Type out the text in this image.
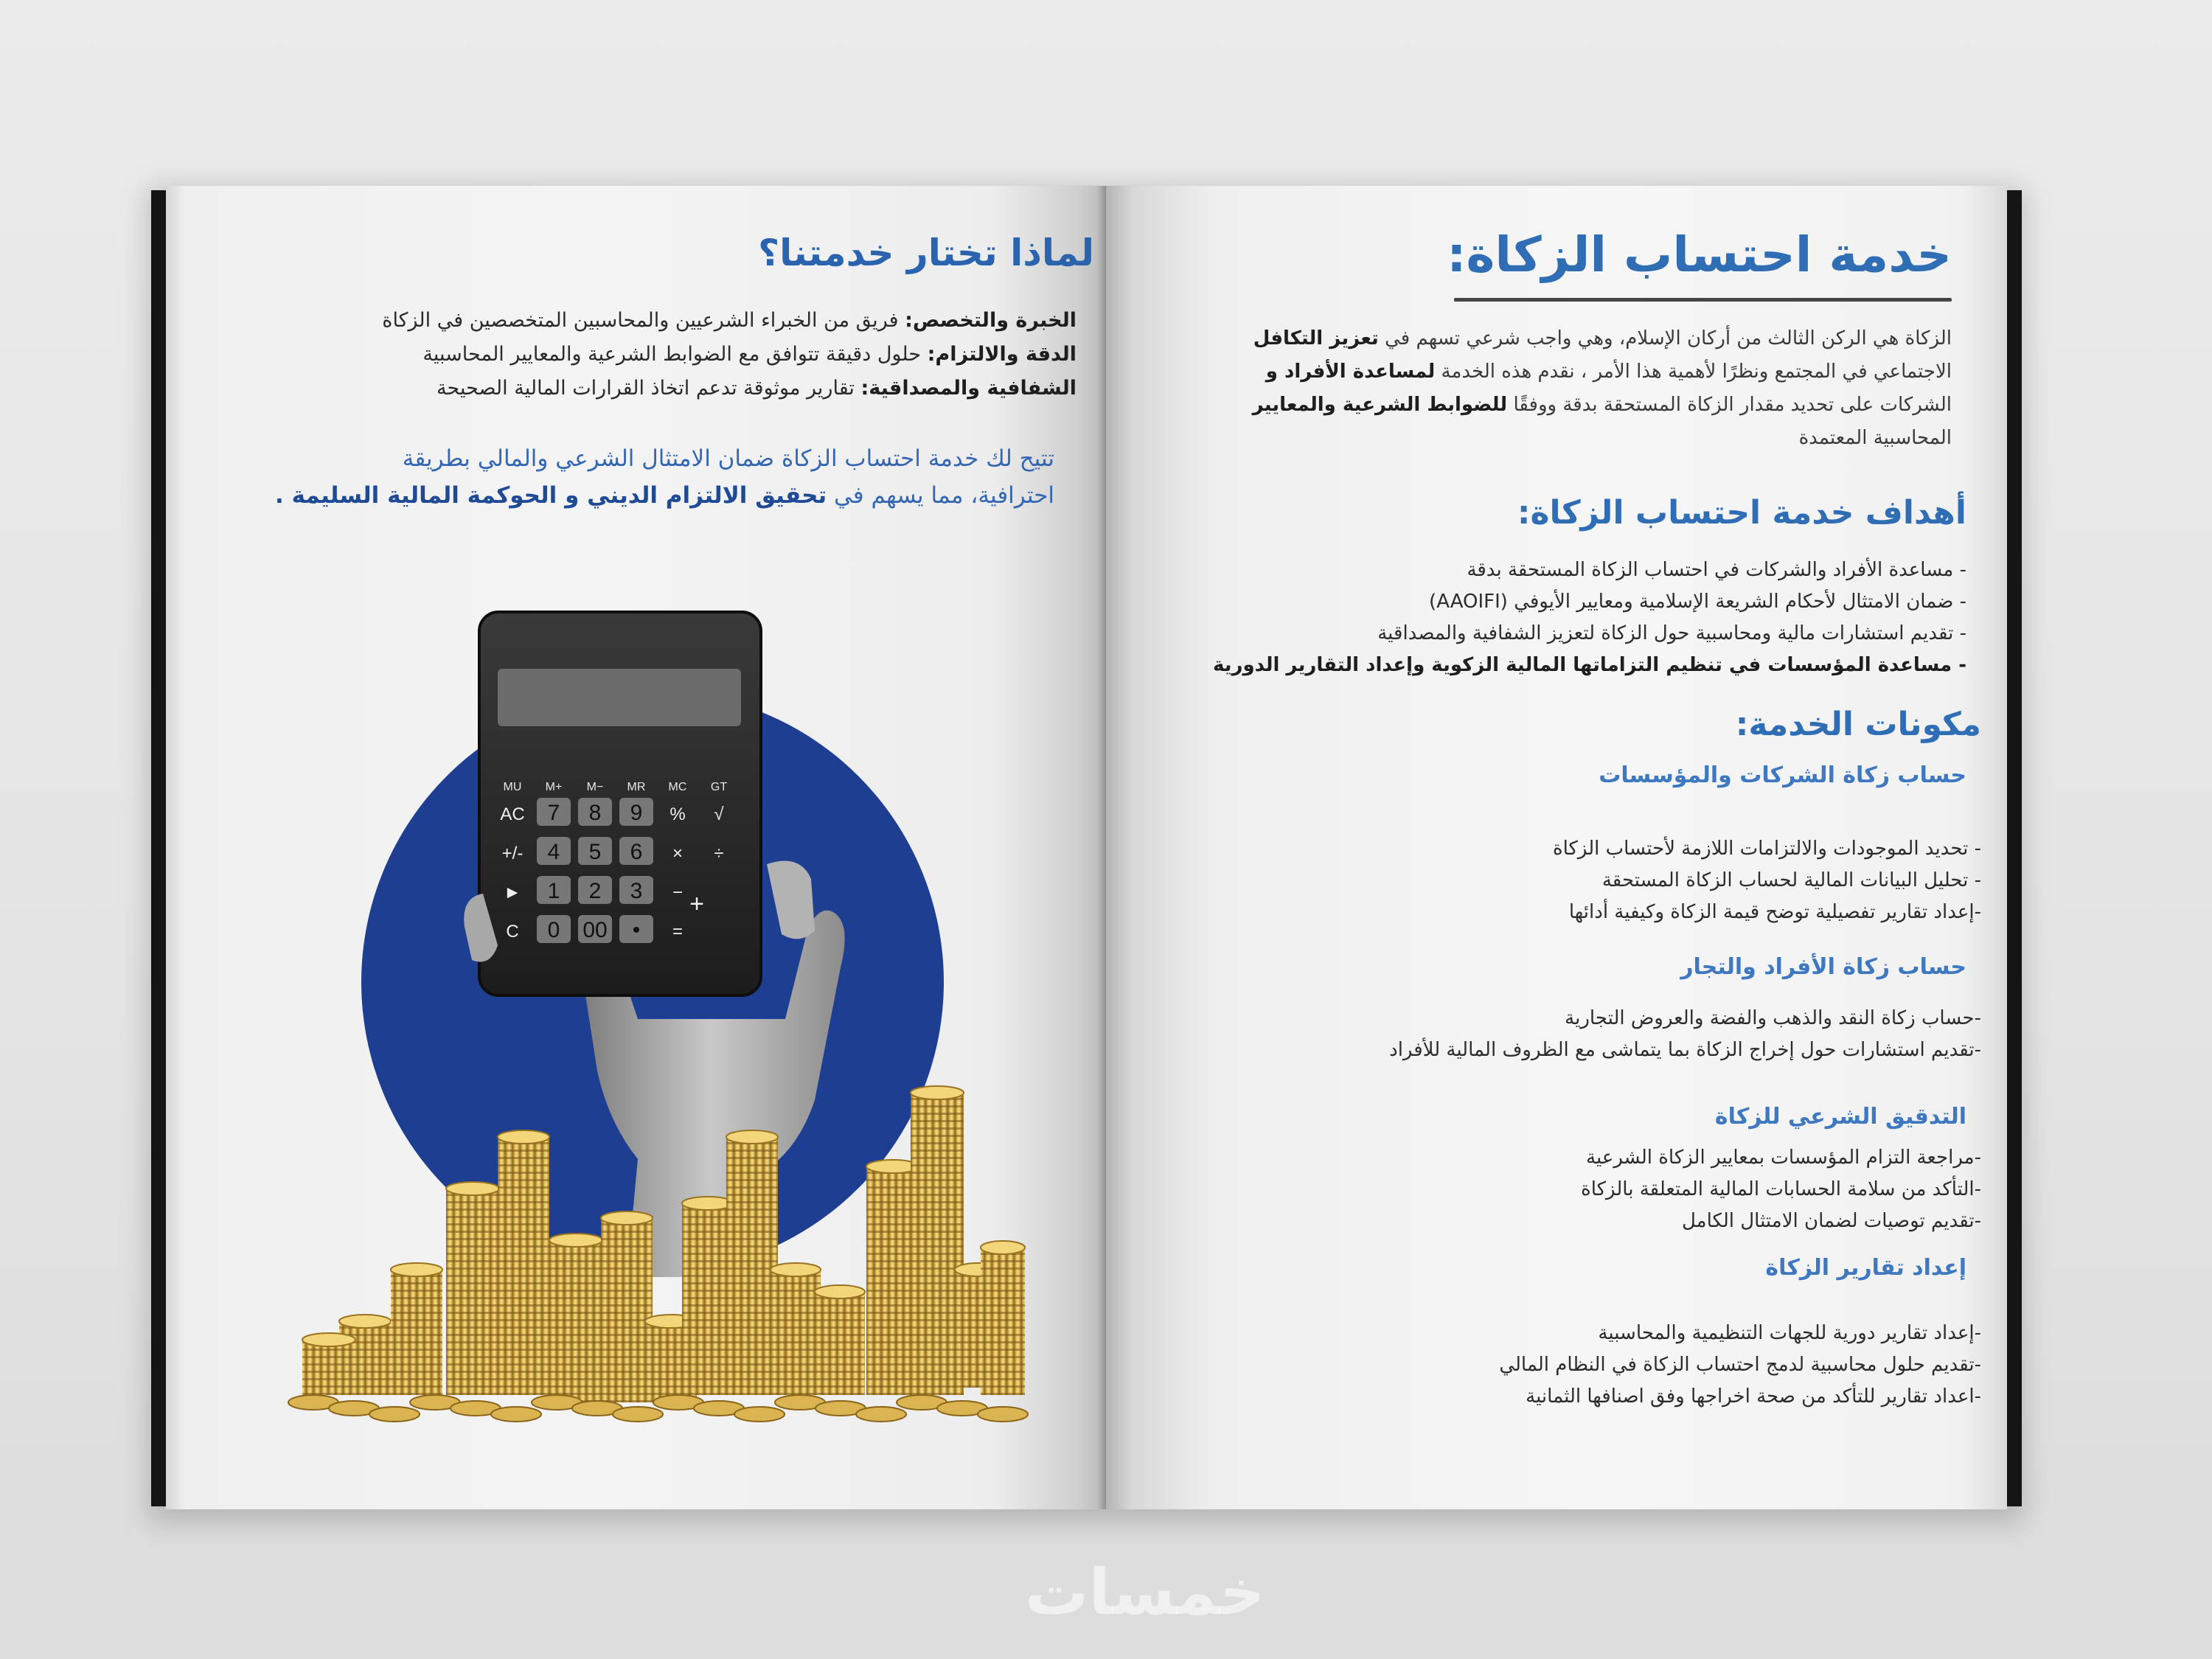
لماذا تختار خدمتنا؟
الخبرة والتخصص: فريق من الخبراء الشرعيين والمحاسبين المتخصصين في الزكاة
الدقة والالتزام: حلول دقيقة تتوافق مع الضوابط الشرعية والمعايير المحاسبية
الشفافية والمصداقية: تقارير موثوقة تدعم اتخاذ القرارات المالية الصحيحة
تتيح لك خدمة احتساب الزكاة ضمان الامتثال الشرعي والمالي بطريقة
احترافية، مما يسهم في تحقيق الالتزام الديني و الحوكمة المالية السليمة .
MU M+ M− MR MC GT
AC 7 8 9 % √
+/- 4 5 6 × ÷
► 1 2 3 −
C 0 00 • =
+
خدمة احتساب الزكاة:
الزكاة هي الركن الثالث من أركان الإسلام، وهي واجب شرعي تسهم في تعزيز التكافل
الاجتماعي في المجتمع ونظرًا لأهمية هذا الأمر ، نقدم هذه الخدمة لمساعدة الأفراد و
الشركات على تحديد مقدار الزكاة المستحقة بدقة ووفقًا للضوابط الشرعية والمعايير
المحاسبية المعتمدة
أهداف خدمة احتساب الزكاة:
- مساعدة الأفراد والشركات في احتساب الزكاة المستحقة بدقة
- ضمان الامتثال لأحكام الشريعة الإسلامية ومعايير الأيوفي (AAOIFI)
- تقديم استشارات مالية ومحاسبية حول الزكاة لتعزيز الشفافية والمصداقية
- مساعدة المؤسسات في تنظيم التزاماتها المالية الزكوية وإعداد التقارير الدورية
مكونات الخدمة:
حساب زكاة الشركات والمؤسسات
- تحديد الموجودات والالتزامات اللازمة لأحتساب الزكاة
- تحليل البيانات المالية لحساب الزكاة المستحقة
-إعداد تقارير تفصيلية توضح قيمة الزكاة وكيفية أدائها
حساب زكاة الأفراد والتجار
-حساب زكاة النقد والذهب والفضة والعروض التجارية
-تقديم استشارات حول إخراج الزكاة بما يتماشى مع الظروف المالية للأفراد
التدقيق الشرعي للزكاة
-مراجعة التزام المؤسسات بمعايير الزكاة الشرعية
-التأكد من سلامة الحسابات المالية المتعلقة بالزكاة
-تقديم توصيات لضمان الامتثال الكامل
إعداد تقارير الزكاة
-إعداد تقارير دورية للجهات التنظيمية والمحاسبية
-تقديم حلول محاسبية لدمج احتساب الزكاة في النظام المالي
-اعداد تقارير للتأكد من صحة اخراجها وفق اصنافها الثمانية
خمسات
